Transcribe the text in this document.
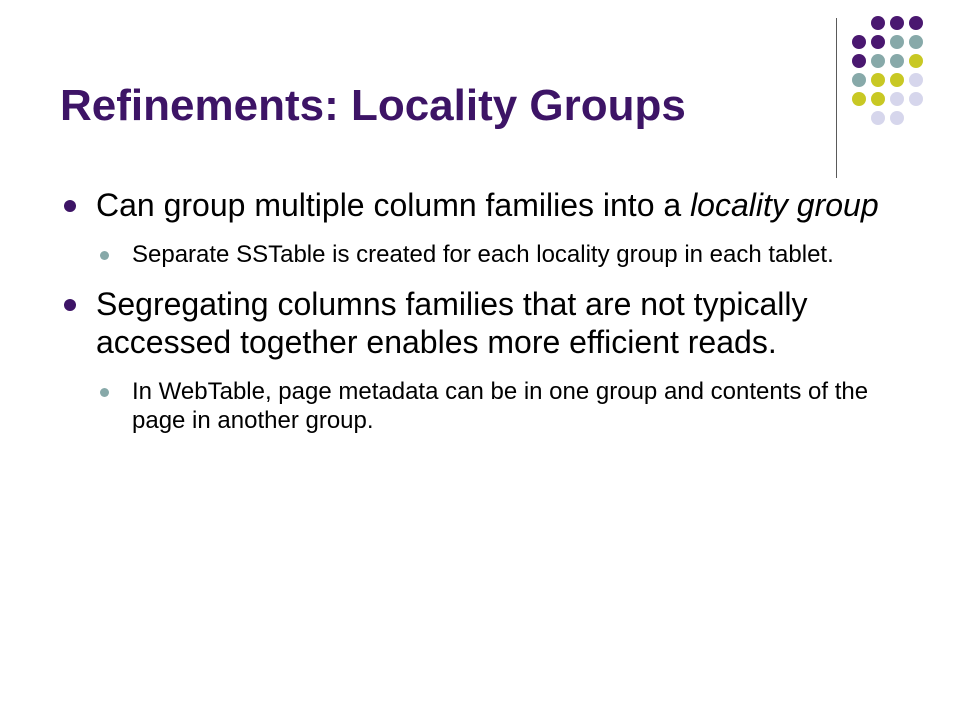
Refinements: Locality Groups
Can group multiple column families into a locality group
Separate SSTable is created for each locality group in each tablet.
Segregating columns families that are not typically accessed together enables more efficient reads.
In WebTable, page metadata can be in one group and contents of the page in another group.
